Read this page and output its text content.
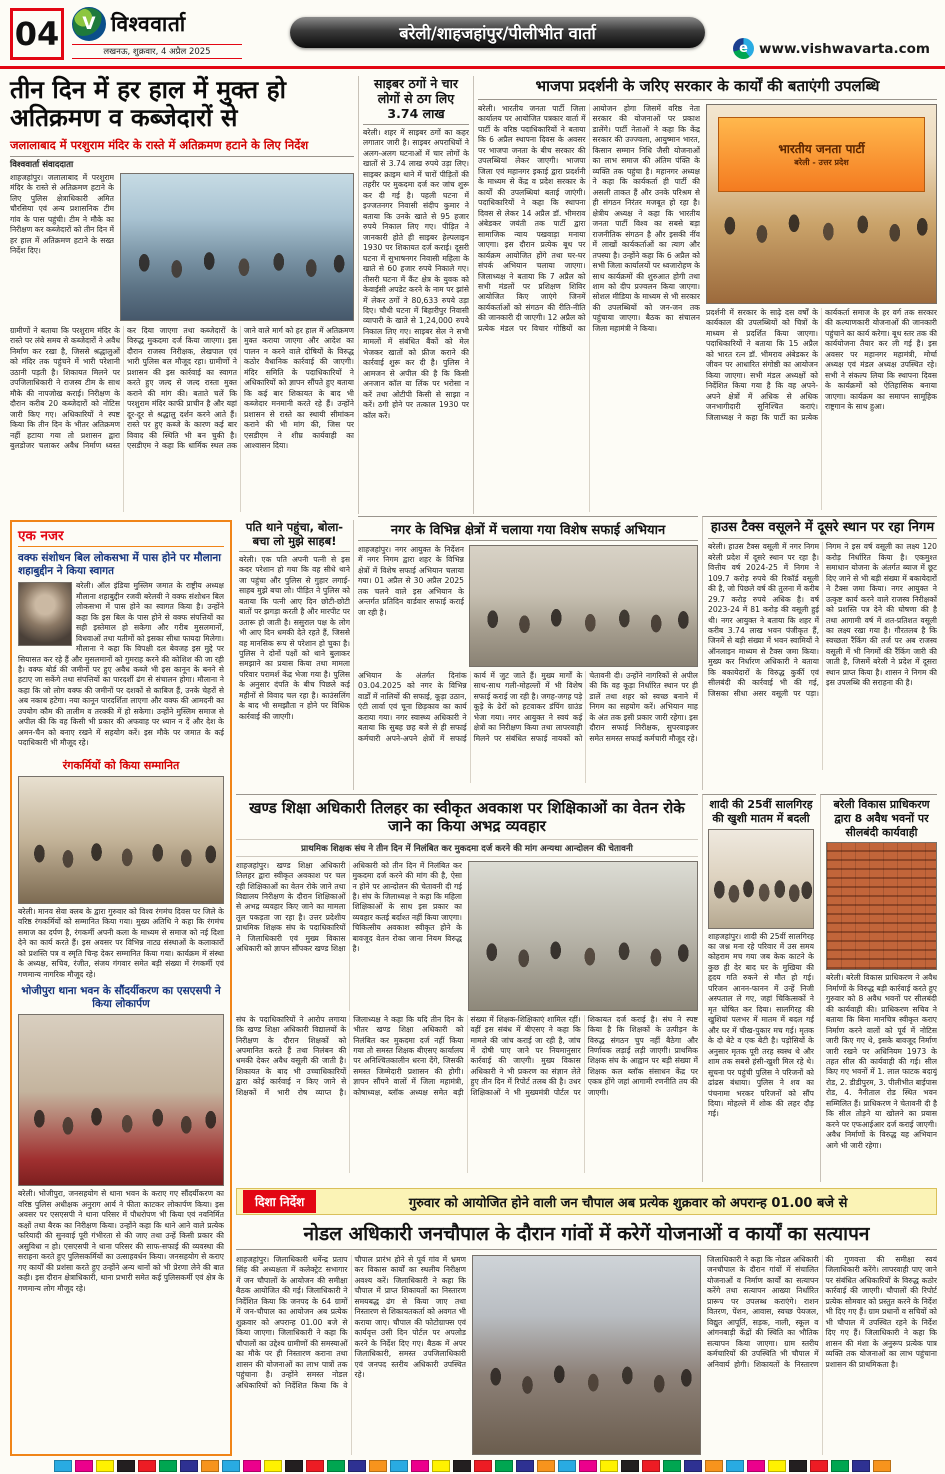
04	V विश्ववार्ता
लखनऊ, शुक्रवार, 4 अप्रैल 2025
बरेली/शाहजहांपुर/पीलीभीत वार्ता
e www.vishwavarta.com
तीन दिन में हर हाल में मुक्त हो अतिक्रमण व कब्जेदारों से
जलालाबाद में परशुराम मंदिर के रास्ते में अतिक्रमण हटाने के लिए निर्देश
विश्ववार्ता संवाददाता
शाहजहांपुर। जलालाबाद में परशुराम मंदिर के रास्ते से अतिक्रमण हटाने के लिए पुलिस क्षेत्राधिकारी अमित चौरसिया एवं अन्य प्रशासनिक टीम गांव के पास पहुंची। टीम ने मौके का निरीक्षण कर कब्जेदारों को तीन दिन में हर हाल में अतिक्रमण हटाने के सख्त निर्देश दिए।
ग्रामीणों ने बताया कि परशुराम मंदिर के रास्ते पर लंबे समय से कब्जेदारों ने अवैध निर्माण कर रखा है, जिससे श्रद्धालुओं को मंदिर तक पहुंचने में भारी परेशानी उठानी पड़ती है। शिकायत मिलने पर उपजिलाधिकारी ने राजस्व टीम के साथ मौके की नापजोख कराई। निरीक्षण के दौरान करीब 20 कब्जेदारों को नोटिस जारी किए गए। अधिकारियों ने स्पष्ट किया कि तीन दिन के भीतर अतिक्रमण नहीं हटाया गया तो प्रशासन द्वारा बुलडोजर चलाकर अवैध निर्माण ध्वस्त कर दिया जाएगा तथा कब्जेदारों के विरुद्ध मुकदमा दर्ज किया जाएगा। इस दौरान राजस्व निरीक्षक, लेखपाल एवं भारी पुलिस बल मौजूद रहा। ग्रामीणों ने प्रशासन की इस कार्रवाई का स्वागत करते हुए जल्द से जल्द रास्ता मुक्त कराने की मांग की। बताते चलें कि परशुराम मंदिर काफी प्राचीन है और यहां दूर-दूर से श्रद्धालु दर्शन करने आते हैं। रास्ते पर हुए कब्जे के कारण कई बार विवाद की स्थिति भी बन चुकी है। एसडीएम ने कहा कि धार्मिक स्थल तक जाने वाले मार्ग को हर हाल में अतिक्रमण मुक्त कराया जाएगा और आदेश का पालन न करने वाले दोषियों के विरुद्ध कठोर वैधानिक कार्रवाई की जाएगी। मंदिर समिति के पदाधिकारियों ने अधिकारियों को ज्ञापन सौंपते हुए बताया कि कई बार शिकायत के बाद भी कब्जेदार मनमानी करते रहे हैं। उन्होंने प्रशासन से रास्ते का स्थायी सीमांकन कराने की भी मांग की, जिस पर एसडीएम ने शीघ्र कार्यवाही का आश्वासन दिया।
साइबर ठगों ने चार लोगों से ठग लिए 3.74 लाख
बरेली। शहर में साइबर ठगों का कहर लगातार जारी है। साइबर अपराधियों ने अलग-अलग घटनाओं में चार लोगों के खातों से 3.74 लाख रुपये उड़ा लिए। साइबर क्राइम थाने में चारों पीड़ितों की तहरीर पर मुकदमा दर्ज कर जांच शुरू कर दी गई है। पहली घटना में इज्जतनगर निवासी संदीप कुमार ने बताया कि उनके खाते से 95 हजार रुपये निकाल लिए गए। पीड़ित ने जानकारी होते ही साइबर हेल्पलाइन 1930 पर शिकायत दर्ज कराई। दूसरी घटना में सुभाषनगर निवासी महिला के खाते से 60 हजार रुपये निकाले गए। तीसरी घटना में कैंट क्षेत्र के युवक को केवाईसी अपडेट करने के नाम पर झांसे में लेकर ठगों ने 80,633 रुपये उड़ा दिए। चौथी घटना में बिहारीपुर निवासी व्यापारी के खाते से 1,24,000 रुपये निकाल लिए गए। साइबर सेल ने सभी मामलों में संबंधित बैंकों को मेल भेजकर खातों को फ्रीज कराने की कार्रवाई शुरू कर दी है। पुलिस ने आमजन से अपील की है कि किसी अनजान कॉल या लिंक पर भरोसा न करें तथा ओटीपी किसी से साझा न करें। ठगी होने पर तत्काल 1930 पर कॉल करें।
भाजपा प्रदर्शनी के जरिए सरकार के कार्यों की बताएंगी उपलब्धि
बरेली। भारतीय जनता पार्टी जिला कार्यालय पर आयोजित पत्रकार वार्ता में पार्टी के वरिष्ठ पदाधिकारियों ने बताया कि 6 अप्रैल स्थापना दिवस के अवसर पर भाजपा जनता के बीच सरकार की उपलब्धियां लेकर जाएगी। भाजपा जिला एवं महानगर इकाई द्वारा प्रदर्शनी के माध्यम से केंद्र व प्रदेश सरकार के कार्यों की उपलब्धियां बताई जाएंगी। पदाधिकारियों ने कहा कि स्थापना दिवस से लेकर 14 अप्रैल डॉ. भीमराव अंबेडकर जयंती तक पार्टी द्वारा सामाजिक न्याय पखवाड़ा मनाया जाएगा। इस दौरान प्रत्येक बूथ पर कार्यक्रम आयोजित होंगे तथा घर-घर संपर्क अभियान चलाया जाएगा। जिलाध्यक्ष ने बताया कि 7 अप्रैल को सभी मंडलों पर प्रशिक्षण शिविर आयोजित किए जाएंगे जिनमें कार्यकर्ताओं को संगठन की रीति-नीति की जानकारी दी जाएगी। 12 अप्रैल को प्रत्येक मंडल पर विचार गोष्ठियों का आयोजन होगा जिसमें वरिष्ठ नेता सरकार की योजनाओं पर प्रकाश डालेंगे। पार्टी नेताओं ने कहा कि केंद्र सरकार की उज्ज्वला, आयुष्मान भारत, किसान सम्मान निधि जैसी योजनाओं का लाभ समाज की अंतिम पंक्ति के व्यक्ति तक पहुंचा है। महानगर अध्यक्ष ने कहा कि कार्यकर्ता ही पार्टी की असली ताकत हैं और उनके परिश्रम से ही संगठन निरंतर मजबूत हो रहा है। क्षेत्रीय अध्यक्ष ने कहा कि भारतीय जनता पार्टी विश्व का सबसे बड़ा राजनीतिक संगठन है और इसकी नींव में लाखों कार्यकर्ताओं का त्याग और तपस्या है। उन्होंने कहा कि 6 अप्रैल को सभी जिला कार्यालयों पर ध्वजारोहण के साथ कार्यक्रमों की शुरुआत होगी तथा शाम को दीप प्रज्वलन किया जाएगा। सोशल मीडिया के माध्यम से भी सरकार की उपलब्धियों को जन-जन तक पहुंचाया जाएगा। बैठक का संचालन जिला महामंत्री ने किया।
भारतीय जनता पार्टी
बरेली - उत्तर प्रदेश
प्रदर्शनी में सरकार के साढ़े दस वर्षों के कार्यकाल की उपलब्धियों को चित्रों के माध्यम से प्रदर्शित किया जाएगा। पदाधिकारियों ने बताया कि 15 अप्रैल को भारत रत्न डॉ. भीमराव अंबेडकर के जीवन पर आधारित संगोष्ठी का आयोजन किया जाएगा। सभी मंडल अध्यक्षों को निर्देशित किया गया है कि वह अपने-अपने क्षेत्रों में अधिक से अधिक जनभागीदारी सुनिश्चित कराएं। जिलाध्यक्ष ने कहा कि पार्टी का प्रत्येक कार्यकर्ता समाज के हर वर्ग तक सरकार की कल्याणकारी योजनाओं की जानकारी पहुंचाने का कार्य करेगा। बूथ स्तर तक की कार्ययोजना तैयार कर ली गई है। इस अवसर पर महानगर महामंत्री, मोर्चा अध्यक्ष एवं मंडल अध्यक्ष उपस्थित रहे। सभी ने संकल्प लिया कि स्थापना दिवस के कार्यक्रमों को ऐतिहासिक बनाया जाएगा। कार्यक्रम का समापन सामूहिक राष्ट्रगान के साथ हुआ।
एक नजर
वक्फ संशोधन बिल लोकसभा में पास होने पर मौलाना शहाबुद्दीन ने किया स्वागत
बरेली। ऑल इंडिया मुस्लिम जमात के राष्ट्रीय अध्यक्ष मौलाना शहाबुद्दीन रजवी बरेलवी ने वक्फ संशोधन बिल लोकसभा में पास होने का स्वागत किया है। उन्होंने कहा कि इस बिल के पास होने से वक्फ संपत्तियों का सही इस्तेमाल हो सकेगा और गरीब मुसलमानों, विधवाओं तथा यतीमों को इसका सीधा फायदा मिलेगा। मौलाना ने कहा कि विपक्षी दल बेवजह इस मुद्दे पर सियासत कर रहे हैं और मुसलमानों को गुमराह करने की कोशिश की जा रही है। वक्फ बोर्ड की जमीनों पर हुए अवैध कब्जे भी इस कानून के बनने से हटाए जा सकेंगे तथा संपत्तियों का पारदर्शी ढंग से संचालन होगा। मौलाना ने कहा कि जो लोग वक्फ की जमीनों पर दशकों से काबिज हैं, उनके चेहरों से अब नकाब हटेगा। नया कानून पारदर्शिता लाएगा और वक्फ की आमदनी का उपयोग कौम की तालीम व तरक्की में हो सकेगा। उन्होंने मुस्लिम समाज से अपील की कि वह किसी भी प्रकार की अफवाह पर ध्यान न दें और देश के अमन-चैन को बनाए रखने में सहयोग करें। इस मौके पर जमात के कई पदाधिकारी भी मौजूद रहे।
रंगकर्मियों को किया सम्मानित
बरेली। मानव सेवा क्लब के द्वारा गुरुवार को विश्व रंगमंच दिवस पर जिले के वरिष्ठ रंगकर्मियों को सम्मानित किया गया। मुख्य अतिथि ने कहा कि रंगमंच समाज का दर्पण है, रंगकर्मी अपनी कला के माध्यम से समाज को नई दिशा देने का कार्य करते हैं। इस अवसर पर विभिन्न नाट्य संस्थाओं के कलाकारों को प्रशस्ति पत्र व स्मृति चिन्ह देकर सम्मानित किया गया। कार्यक्रम में संस्था के अध्यक्ष, सचिव, रंजीत, संजय गंगवार समेत बड़ी संख्या में रंगकर्मी एवं गणमान्य नागरिक मौजूद रहे।
भोजीपुरा थाना भवन के सौंदर्यीकरण का एसएसपी ने किया लोकार्पण
बरेली। भोजीपुरा, जनसहयोग से थाना भवन के कराए गए सौंदर्यीकरण का वरिष्ठ पुलिस अधीक्षक अनुराग आर्य ने फीता काटकर लोकार्पण किया। इस अवसर पर एसएसपी ने थाना परिसर में पौधरोपण भी किया एवं नवनिर्मित कक्षों तथा बैरक का निरीक्षण किया। उन्होंने कहा कि थाने आने वाले प्रत्येक फरियादी की सुनवाई पूरी गंभीरता से की जाए तथा उन्हें किसी प्रकार की असुविधा न हो। एसएसपी ने थाना परिसर की साफ-सफाई की व्यवस्था की सराहना करते हुए पुलिसकर्मियों का उत्साहवर्धन किया। जनसहयोग से कराए गए कार्यों की प्रशंसा करते हुए उन्होंने अन्य थानों को भी प्रेरणा लेने की बात कही। इस दौरान क्षेत्राधिकारी, थाना प्रभारी समेत कई पुलिसकर्मी एवं क्षेत्र के गणमान्य लोग मौजूद रहे।
पति थाने पहुंचा, बोला- बचा लो मुझे साहब!
बरेली। एक पति अपनी पत्नी से इस कदर परेशान हो गया कि वह सीधे थाने जा पहुंचा और पुलिस से गुहार लगाई- साहब मुझे बचा लो। पीड़ित ने पुलिस को बताया कि पत्नी आए दिन छोटी-छोटी बातों पर झगड़ा करती है और मारपीट पर उतारू हो जाती है। ससुराल पक्ष के लोग भी आए दिन धमकी देते रहते हैं, जिससे वह मानसिक रूप से परेशान हो चुका है। पुलिस ने दोनों पक्षों को थाने बुलाकर समझाने का प्रयास किया तथा मामला परिवार परामर्श केंद्र भेजा गया है। पुलिस के अनुसार दंपति के बीच पिछले कई महीनों से विवाद चल रहा है। काउंसलिंग के बाद भी समझौता न होने पर विधिक कार्रवाई की जाएगी।
नगर के विभिन्न क्षेत्रों में चलाया गया विशेष सफाई अभियान
शाहजहांपुर। नगर आयुक्त के निर्देशन में नगर निगम द्वारा शहर के विभिन्न क्षेत्रों में विशेष सफाई अभियान चलाया गया। 01 अप्रैल से 30 अप्रैल 2025 तक चलने वाले इस अभियान के अन्तर्गत प्रतिदिन वार्डवार सफाई कराई जा रही है।
अभियान के अंतर्गत दिनांक 03.04.2025 को नगर के विभिन्न वार्डों में नालियों की सफाई, कूड़ा उठान, एंटी लार्वा एवं चूना छिड़काव का कार्य कराया गया। नगर स्वास्थ्य अधिकारी ने बताया कि सुबह छह बजे से ही सफाई कर्मचारी अपने-अपने क्षेत्रों में सफाई कार्य में जुट जाते हैं। मुख्य मार्गों के साथ-साथ गली-मोहल्लों में भी विशेष सफाई कराई जा रही है। जगह-जगह पड़े कूड़े के ढेरों को हटवाकर डंपिंग ग्राउंड भेजा गया। नगर आयुक्त ने स्वयं कई क्षेत्रों का निरीक्षण किया तथा लापरवाही मिलने पर संबंधित सफाई नायकों को चेतावनी दी। उन्होंने नागरिकों से अपील की कि वह कूड़ा निर्धारित स्थान पर ही डालें तथा शहर को स्वच्छ बनाने में निगम का सहयोग करें। अभियान माह के अंत तक इसी प्रकार जारी रहेगा। इस दौरान सफाई निरीक्षक, सुपरवाइजर समेत समस्त सफाई कर्मचारी मौजूद रहे।
हाउस टैक्स वसूलने में दूसरे स्थान पर रहा निगम
बरेली। हाउस टैक्स वसूली में नगर निगम बरेली प्रदेश में दूसरे स्थान पर रहा है। वित्तीय वर्ष 2024-25 में निगम ने 109.7 करोड़ रुपये की रिकॉर्ड वसूली की है, जो पिछले वर्ष की तुलना में करीब 29.7 करोड़ रुपये अधिक है। वर्ष 2023-24 में 81 करोड़ की वसूली हुई थी। नगर आयुक्त ने बताया कि शहर में करीब 3.74 लाख भवन पंजीकृत हैं, जिनमें से बड़ी संख्या में भवन स्वामियों ने ऑनलाइन माध्यम से टैक्स जमा किया। मुख्य कर निर्धारण अधिकारी ने बताया कि बकायेदारों के विरुद्ध कुर्की एवं सीलबंदी की कार्रवाई भी की गई, जिसका सीधा असर वसूली पर पड़ा। निगम ने इस वर्ष वसूली का लक्ष्य 120 करोड़ निर्धारित किया है। एकमुश्त समाधान योजना के अंतर्गत ब्याज में छूट दिए जाने से भी बड़ी संख्या में बकायेदारों ने टैक्स जमा किया। नगर आयुक्त ने उत्कृष्ट कार्य करने वाले राजस्व निरीक्षकों को प्रशस्ति पत्र देने की घोषणा की है तथा आगामी वर्ष में शत-प्रतिशत वसूली का लक्ष्य रखा गया है। गौरतलब है कि स्वच्छता रैंकिंग की तर्ज पर अब राजस्व वसूली में भी निगमों की रैंकिंग जारी की जाती है, जिसमें बरेली ने प्रदेश में दूसरा स्थान प्राप्त किया है। शासन ने निगम की इस उपलब्धि की सराहना की है।
खण्ड शिक्षा अधिकारी तिलहर का स्वीकृत अवकाश पर शिक्षिकाओं का वेतन रोके जाने का किया अभद्र व्यवहार
प्राथमिक शिक्षक संघ ने तीन दिन में निलंबित कर मुकदमा दर्ज करने की मांग अन्यथा आन्दोलन की चेतावनी
शाहजहांपुर। खण्ड शिक्षा अधिकारी तिलहर द्वारा स्वीकृत अवकाश पर चल रही शिक्षिकाओं का वेतन रोके जाने तथा विद्यालय निरीक्षण के दौरान शिक्षिकाओं से अभद्र व्यवहार किए जाने का मामला तूल पकड़ता जा रहा है। उत्तर प्रदेशीय प्राथमिक शिक्षक संघ के पदाधिकारियों ने जिलाधिकारी एवं मुख्य विकास अधिकारी को ज्ञापन सौंपकर खण्ड शिक्षा अधिकारी को तीन दिन में निलंबित कर मुकदमा दर्ज करने की मांग की है, ऐसा न होने पर आन्दोलन की चेतावनी दी गई है। संघ के जिलाध्यक्ष ने कहा कि महिला शिक्षिकाओं के साथ इस प्रकार का व्यवहार कतई बर्दाश्त नहीं किया जाएगा। चिकित्सीय अवकाश स्वीकृत होने के बावजूद वेतन रोका जाना नियम विरुद्ध है।
संघ के पदाधिकारियों ने आरोप लगाया कि खण्ड शिक्षा अधिकारी विद्यालयों के निरीक्षण के दौरान शिक्षकों को अपमानित करते हैं तथा निलंबन की धमकी देकर अवैध वसूली की जाती है। शिकायत के बाद भी उच्चाधिकारियों द्वारा कोई कार्रवाई न किए जाने से शिक्षकों में भारी रोष व्याप्त है। जिलाध्यक्ष ने कहा कि यदि तीन दिन के भीतर खण्ड शिक्षा अधिकारी को निलंबित कर मुकदमा दर्ज नहीं किया गया तो समस्त शिक्षक बीएसए कार्यालय पर अनिश्चितकालीन धरना देंगे, जिसकी समस्त जिम्मेदारी प्रशासन की होगी। ज्ञापन सौंपने वालों में जिला महामंत्री, कोषाध्यक्ष, ब्लॉक अध्यक्ष समेत बड़ी संख्या में शिक्षक-शिक्षिकाएं शामिल रहीं। वहीं इस संबंध में बीएसए ने कहा कि मामले की जांच कराई जा रही है, जांच में दोषी पाए जाने पर नियमानुसार कार्रवाई की जाएगी। मुख्य विकास अधिकारी ने भी प्रकरण का संज्ञान लेते हुए तीन दिन में रिपोर्ट तलब की है। उधर शिक्षिकाओं ने भी मुख्यमंत्री पोर्टल पर शिकायत दर्ज कराई है। संघ ने स्पष्ट किया है कि शिक्षकों के उत्पीड़न के विरुद्ध संगठन चुप नहीं बैठेगा और निर्णायक लड़ाई लड़ी जाएगी। प्राथमिक शिक्षक संघ के आह्वान पर बड़ी संख्या में शिक्षक कल ब्लॉक संसाधन केंद्र पर एकत्र होंगे जहां आगामी रणनीति तय की जाएगी।
शादी की 25वीं सालगिरह की खुशी मातम में बदली
शाहजहांपुर। शादी की 25वीं सालगिरह का जश्न मना रहे परिवार में उस समय कोहराम मच गया जब केक काटने के कुछ ही देर बाद घर के मुखिया की हृदय गति रुकने से मौत हो गई। परिजन आनन-फानन में उन्हें निजी अस्पताल ले गए, जहां चिकित्सकों ने मृत घोषित कर दिया। सालगिरह की खुशियां पलभर में मातम में बदल गईं और घर में चीख-पुकार मच गई। मृतक के दो बेटे व एक बेटी है। पड़ोसियों के अनुसार मृतक पूरी तरह स्वस्थ थे और शाम तक सबसे हंसी-खुशी मिल रहे थे। सूचना पर पहुंची पुलिस ने परिजनों को ढांढस बंधाया। पुलिस ने शव का पंचनामा भरकर परिजनों को सौंप दिया। मोहल्ले में शोक की लहर दौड़ गई।
बरेली विकास प्राधिकरण द्वारा 8 अवैध भवनों पर सीलबंदी कार्यवाही
बरेली। बरेली विकास प्राधिकरण ने अवैध निर्माणों के विरुद्ध बड़ी कार्रवाई करते हुए गुरुवार को 8 अवैध भवनों पर सीलबंदी की कार्यवाही की। प्राधिकरण सचिव ने बताया कि बिना मानचित्र स्वीकृत कराए निर्माण करने वालों को पूर्व में नोटिस जारी किए गए थे, इसके बावजूद निर्माण जारी रखने पर अधिनियम 1973 के तहत सील की कार्यवाही की गई। सील किए गए भवनों में 1. लाल फाटक बदायूं रोड, 2. डीडीपुरम, 3. पीलीभीत बाईपास रोड, 4. नैनीताल रोड स्थित भवन सम्मिलित हैं। प्राधिकरण ने चेतावनी दी है कि सील तोड़ने या खोलने का प्रयास करने पर एफआईआर दर्ज कराई जाएगी। अवैध निर्माणों के विरुद्ध यह अभियान आगे भी जारी रहेगा।
दिशा निर्देश	गुरुवार को आयोजित होने वाली जन चौपाल अब प्रत्येक शुक्रवार को अपरान्ह 01.00 बजे से
नोडल अधिकारी जनचौपाल के दौरान गांवों में करेगें योजनाओं व कार्यों का सत्यापन
शाहजहांपुर। जिलाधिकारी धर्मेन्द्र प्रताप सिंह की अध्यक्षता में कलेक्ट्रेट सभागार में जन चौपालों के आयोजन की समीक्षा बैठक आयोजित की गई। जिलाधिकारी ने निर्देशित किया कि जनपद के 64 ग्रामों में जन-चौपाल का आयोजन अब प्रत्येक शुक्रवार को अपरान्ह 01.00 बजे से किया जाएगा। जिलाधिकारी ने कहा कि चौपालों का उद्देश्य ग्रामीणों की समस्याओं का मौके पर ही निस्तारण कराना तथा शासन की योजनाओं का लाभ पात्रों तक पहुंचाना है। उन्होंने समस्त नोडल अधिकारियों को निर्देशित किया कि वे चौपाल प्रारंभ होने से पूर्व गांव में भ्रमण कर विकास कार्यों का स्थलीय निरीक्षण अवश्य करें। जिलाधिकारी ने कहा कि चौपाल में प्राप्त शिकायतों का निस्तारण समयबद्ध ढंग से किया जाए तथा निस्तारण से शिकायतकर्ता को अवगत भी कराया जाए। चौपाल की फोटोग्राफ्स एवं कार्यवृत्त उसी दिन पोर्टल पर अपलोड करने के निर्देश दिए गए। बैठक में अपर जिलाधिकारी, समस्त उपजिलाधिकारी एवं जनपद स्तरीय अधिकारी उपस्थित रहे।
जिलाधिकारी ने कहा कि नोडल अधिकारी जनचौपाल के दौरान गांवों में संचालित योजनाओं व निर्माण कार्यों का सत्यापन करेंगे तथा सत्यापन आख्या निर्धारित प्रारूप पर उपलब्ध कराएंगे। राशन वितरण, पेंशन, आवास, स्वच्छ पेयजल, विद्युत आपूर्ति, सड़क, नाली, स्कूल व आंगनबाड़ी केंद्रों की स्थिति का भौतिक सत्यापन किया जाएगा। ग्राम स्तरीय कर्मचारियों की उपस्थिति भी चौपाल में अनिवार्य होगी। शिकायतों के निस्तारण की गुणवत्ता की समीक्षा स्वयं जिलाधिकारी करेंगे। लापरवाही पाए जाने पर संबंधित अधिकारियों के विरुद्ध कठोर कार्रवाई की जाएगी। चौपालों की रिपोर्ट प्रत्येक सोमवार को प्रस्तुत करने के निर्देश भी दिए गए हैं। ग्राम प्रधानों व सचिवों को भी चौपाल में उपस्थित रहने के निर्देश दिए गए हैं। जिलाधिकारी ने कहा कि शासन की मंशा के अनुरूप प्रत्येक पात्र व्यक्ति तक योजनाओं का लाभ पहुंचाना प्रशासन की प्राथमिकता है।
